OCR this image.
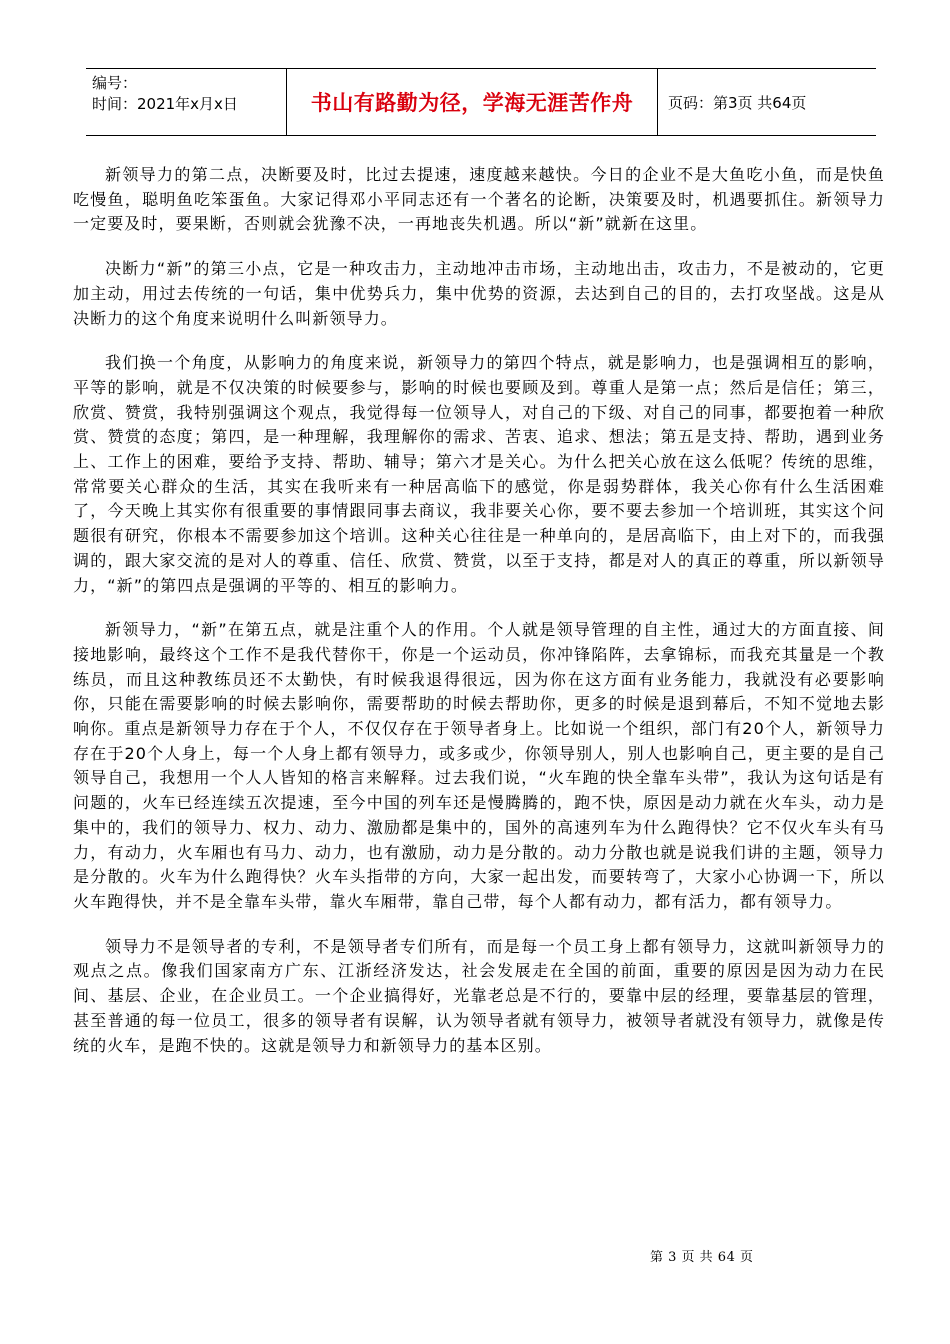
编号：
时间：2021年x月x日	书山有路勤为径，学海无涯苦作舟 页码：第3页 共64页

新领导力的第二点，决断要及时，比过去提速，速度越来越快。今日的企业不是大鱼吃小鱼，而是快鱼吃慢鱼，聪明鱼吃笨蛋鱼。大家记得邓小平同志还有一个著名的论断，决策要及时，机遇要抓住。新领导力一定要及时，要果断，否则就会犹豫不决，一再地丧失机遇。所以“新”就新在这里。

决断力“新”的第三小点，它是一种攻击力，主动地冲击市场，主动地出击，攻击力，不是被动的，它更加主动，用过去传统的一句话，集中优势兵力，集中优势的资源，去达到自己的目的，去打攻坚战。这是从决断力的这个角度来说明什么叫新领导力。

我们换一个角度，从影响力的角度来说，新领导力的第四个特点，就是影响力，也是强调相互的影响，平等的影响，就是不仅决策的时候要参与，影响的时候也要顾及到。尊重人是第一点；然后是信任；第三，欣赏、赞赏，我特别强调这个观点，我觉得每一位领导人，对自己的下级、对自己的同事，都要抱着一种欣赏、赞赏的态度；第四，是一种理解，我理解你的需求、苦衷、追求、想法；第五是支持、帮助，遇到业务上、工作上的困难，要给予支持、帮助、辅导；第六才是关心。为什么把关心放在这么低呢？传统的思维，常常要关心群众的生活，其实在我听来有一种居高临下的感觉，你是弱势群体，我关心你有什么生活困难了，今天晚上其实你有很重要的事情跟同事去商议，我非要关心你，要不要去参加一个培训班，其实这个问题很有研究，你根本不需要参加这个培训。这种关心往往是一种单向的，是居高临下，由上对下的，而我强调的，跟大家交流的是对人的尊重、信任、欣赏、赞赏，以至于支持，都是对人的真正的尊重，所以新领导力，“新”的第四点是强调的平等的、相互的影响力。

新领导力，“新”在第五点，就是注重个人的作用。个人就是领导管理的自主性，通过大的方面直接、间接地影响，最终这个工作不是我代替你干，你是一个运动员，你冲锋陷阵，去拿锦标，而我充其量是一个教练员，而且这种教练员还不太勤快，有时候我退得很远，因为你在这方面有业务能力，我就没有必要影响你，只能在需要影响的时候去影响你，需要帮助的时候去帮助你，更多的时候是退到幕后，不知不觉地去影响你。重点是新领导力存在于个人，不仅仅存在于领导者身上。比如说一个组织，部门有20个人，新领导力存在于20个人身上，每一个人身上都有领导力，或多或少，你领导别人，别人也影响自己，更主要的是自己领导自己，我想用一个人人皆知的格言来解释。过去我们说，“火车跑的快全靠车头带”，我认为这句话是有问题的，火车已经连续五次提速，至今中国的列车还是慢腾腾的，跑不快，原因是动力就在火车头，动力是集中的，我们的领导力、权力、动力、激励都是集中的，国外的高速列车为什么跑得快？它不仅火车头有马力，有动力，火车厢也有马力、动力，也有激励，动力是分散的。动力分散也就是说我们讲的主题，领导力是分散的。火车为什么跑得快？火车头指带的方向，大家一起出发，而要转弯了，大家小心协调一下，所以火车跑得快，并不是全靠车头带，靠火车厢带，靠自己带，每个人都有动力，都有活力，都有领导力。

领导力不是领导者的专利，不是领导者专们所有，而是每一个员工身上都有领导力，这就叫新领导力的观点之点。像我们国家南方广东、江浙经济发达，社会发展走在全国的前面，重要的原因是因为动力在民间、基层、企业，在企业员工。一个企业搞得好，光靠老总是不行的，要靠中层的经理，要靠基层的管理，甚至普通的每一位员工，很多的领导者有误解，认为领导者就有领导力，被领导者就没有领导力，就像是传统的火车，是跑不快的。这就是领导力和新领导力的基本区别。

第 3 页 共 64 页
